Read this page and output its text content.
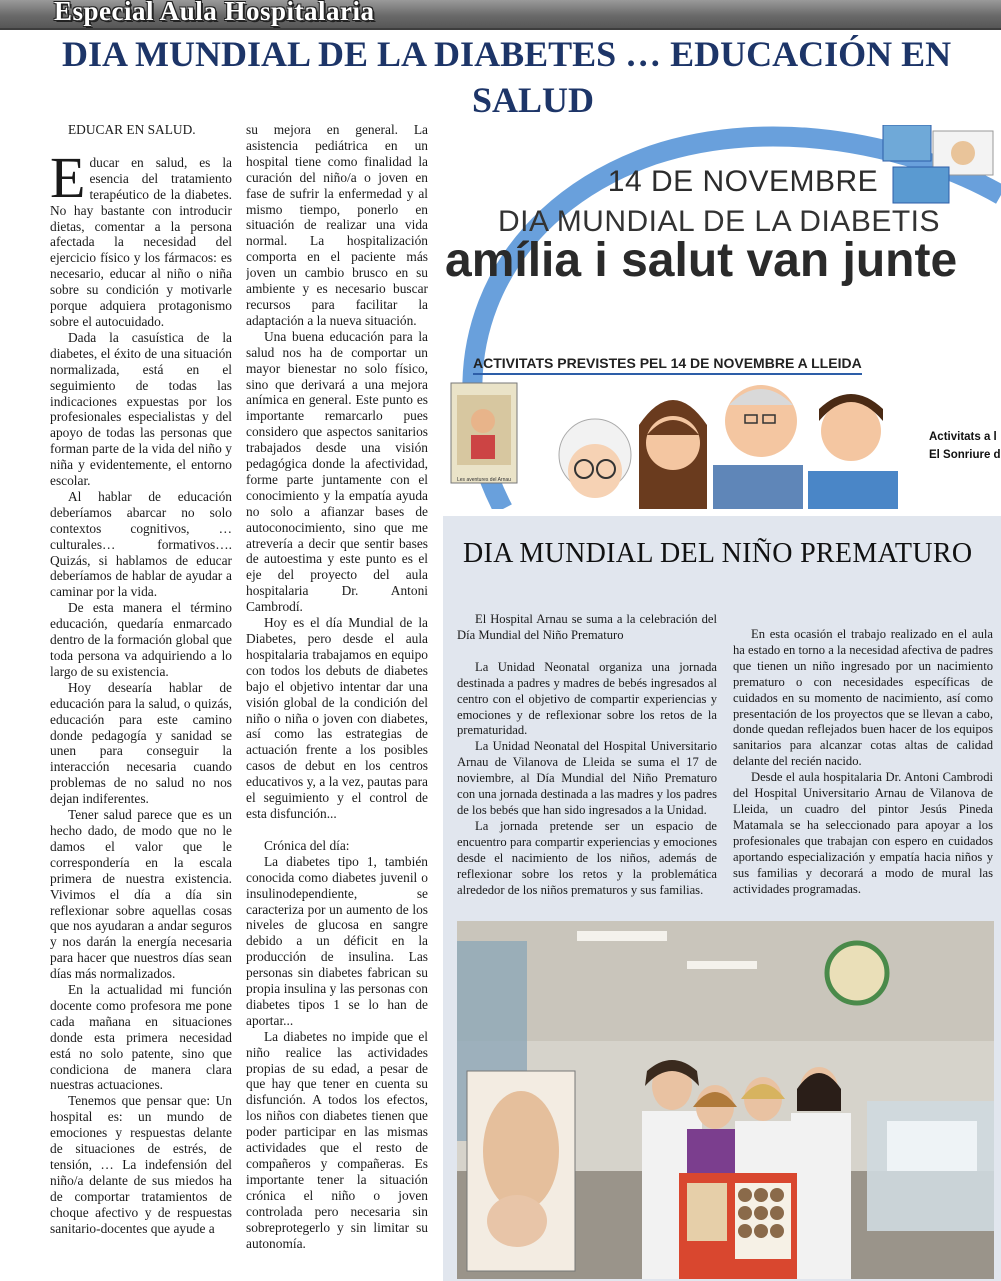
Especial Aula Hospitalaria
DIA MUNDIAL DE LA DIABETES … EDUCACIÓN EN
SALUD

EDUCAR EN SALUD.

Educar en salud, es la esencia del tratamiento terapéutico de la diabetes. No hay bastante con introducir dietas, comentar a la persona afectada la necesidad del ejercicio físico y los fármacos: es necesario, educar al niño o niña sobre su condición y motivarle porque adquiera protagonismo sobre el autocuidado.

Dada la casuística de la diabetes, el éxito de una situación normalizada, está en el seguimiento de todas las indicaciones expuestas por los profesionales especialistas y del apoyo de todas las personas que forman parte de la vida del niño y niña y evidentemente, el entorno escolar.

Al hablar de educación deberíamos abarcar no solo contextos cognitivos, … culturales… formativos…. Quizás, si hablamos de educar deberíamos de hablar de ayudar a caminar por la vida.

De esta manera el término educación, quedaría enmarcado dentro de la formación global que toda persona va adquiriendo a lo largo de su existencia.

Hoy desearía hablar de educación para la salud, o quizás, educación para este camino donde pedagogía y sanidad se unen para conseguir la interacción necesaria cuando problemas de no salud no nos dejan indiferentes.

Tener salud parece que es un hecho dado, de modo que no le damos el valor que le correspondería en la escala primera de nuestra existencia. Vivimos el día a día sin reflexionar sobre aquellas cosas que nos ayudaran a andar seguros y nos darán la energía necesaria para hacer que nuestros días sean días más normalizados.

En la actualidad mi función docente como profesora me pone cada mañana en situaciones donde esta primera necesidad está no solo patente, sino que condiciona de manera clara nuestras actuaciones.

Tenemos que pensar que: Un hospital es: un mundo de emociones y respuestas delante de situaciones de estrés, de tensión, … La indefensión del niño/a delante de sus miedos ha de comportar tratamientos de choque afectivo y de respuestas sanitario-docentes que ayude a

su mejora en general. La asistencia pediátrica en un hospital tiene como finalidad la curación del niño/a o joven en fase de sufrir la enfermedad y al mismo tiempo, ponerlo en situación de realizar una vida normal. La hospitalización comporta en el paciente más joven un cambio brusco en su ambiente y es necesario buscar recursos para facilitar la adaptación a la nueva situación.

Una buena educación para la salud nos ha de comportar un mayor bienestar no solo físico, sino que derivará a una mejora anímica en general. Este punto es importante remarcarlo pues considero que aspectos sanitarios trabajados desde una visión pedagógica donde la afectividad, forme parte juntamente con el conocimiento y la empatía ayuda no solo a afianzar bases de autoconocimiento, sino que me atrevería a decir que sentir bases de autoestima y este punto es el eje del proyecto del aula hospitalaria Dr. Antoni Cambrodí.

Hoy es el día Mundial de la Diabetes, pero desde el aula hospitalaria trabajamos en equipo con todos los debuts de diabetes bajo el objetivo intentar dar una visión global de la condición del niño o niña o joven con diabetes, así como las estrategias de actuación frente a los posibles casos de debut en los centros educativos y, a la vez, pautas para el seguimiento y el control de esta disfunción...

Crónica del día:

La diabetes tipo 1, también conocida como diabetes juvenil o insulinodependiente, se caracteriza por un aumento de los niveles de glucosa en sangre debido a un déficit en la producción de insulina. Las personas sin diabetes fabrican su propia insulina y las personas con diabetes tipos 1 se lo han de aportar...

La diabetes no impide que el niño realice las actividades propias de su edad, a pesar de que hay que tener en cuenta su disfunción. A todos los efectos, los niños con diabetes tienen que poder participar en las mismas actividades que el resto de compañeros y compañeras. Es importante tener la situación crónica el niño o joven controlada pero necesaria sin sobreprotegerlo y sin limitar su autonomía.

14 DE NOVEMBRE
DIA MUNDIAL DE LA DIABETIS
amília i salut van junte
ACTIVITATS PREVISTES PEL 14 DE NOVEMBRE A LLEIDA
Activitats a l
El Sonriure d
Les aventures del Arnau
DIA MUNDIAL DEL NIÑO PREMATURO

El Hospital Arnau se suma a la celebración del Día Mundial del Niño Prematuro

La Unidad Neonatal organiza una jornada destinada a padres y madres de bebés ingresados al centro con el objetivo de compartir experiencias y emociones y de reflexionar sobre los retos de la prematuridad.

La Unidad Neonatal del Hospital Universitario Arnau de Vilanova de Lleida se suma el 17 de noviembre, al Día Mundial del Niño Prematuro con una jornada destinada a las madres y los padres de los bebés que han sido ingresados a la Unidad.

La jornada pretende ser un espacio de encuentro para compartir experiencias y emociones desde el nacimiento de los niños, además de reflexionar sobre los retos y la problemática alrededor de los niños prematuros y sus familias.

En esta ocasión el trabajo realizado en el aula ha estado en torno a la necesidad afectiva de padres que tienen un niño ingresado por un nacimiento prematuro o con necesidades específicas de cuidados en su momento de nacimiento, así como presentación de los proyectos que se llevan a cabo, donde quedan reflejados buen hacer de los equipos sanitarios para alcanzar cotas altas de calidad delante del recién nacido.

Desde el aula hospitalaria Dr. Antoni Cambrodi del Hospital Universitario Arnau de Vilanova de Lleida, un cuadro del pintor Jesús Pineda Matamala se ha seleccionado para apoyar a los profesionales que trabajan con espero en cuidados aportando especialización y empatía hacia niños y sus familias y decorará a modo de mural las actividades programadas.
